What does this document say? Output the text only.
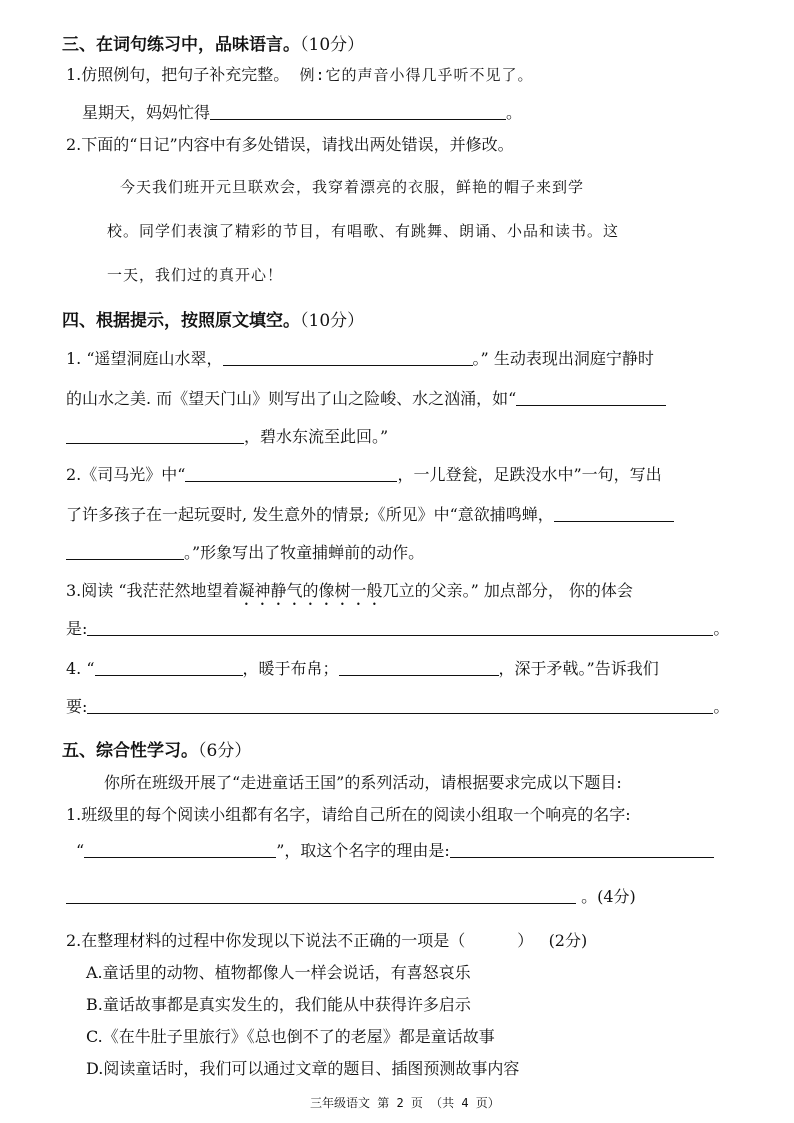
三、在词句练习中，品味语言。（10分）
1.仿照例句，把句子补充完整。 例:它的声音小得几乎听不见了。
星期天，妈妈忙得	。
2.下面的“日记”内容中有多处错误，请找出两处错误，并修改。
今天我们班开元旦联欢会，我穿着漂亮的衣服，鲜艳的帽子来到学
校。同学们表演了精彩的节目，有唱歌、有跳舞、朗诵、小品和读书。这
一天，我们过的真开心！
四、根据提示，按照原文填空。（10分）
1. “遥望洞庭山水翠，	。” 生动表现出洞庭宁静时
的山水之美. 而《望天门山》则写出了山之险峻、水之汹涌，如“
，碧水东流至此回。”
2.《司马光》中“	，一儿登瓮，足跌没水中”一句，写出
了许多孩子在一起玩耍时, 发生意外的情景;《所见》中“意欲捕鸣蝉，
。”形象写出了牧童捕蝉前的动作。
3.阅读 “我茫茫然地望着凝神静气的像树一般兀立的父亲。” 加点部分， 你的体会
是:	。
4. “	，暖于布帛；	，深于矛戟。”告诉我们
要:	。
五、综合性学习。（6分）
你所在班级开展了“走进童话王国”的系列活动，请根据要求完成以下题目:
1.班级里的每个阅读小组都有名字，请给自己所在的阅读小组取一个响亮的名字:
“	”，取这个名字的理由是:
。(4分)
2.在整理材料的过程中你发现以下说法不正确的一项是（	） (2分)
A.童话里的动物、植物都像人一样会说话，有喜怒哀乐
B.童话故事都是真实发生的，我们能从中获得许多启示
C.《在牛肚子里旅行》《总也倒不了的老屋》都是童话故事
D.阅读童话时，我们可以通过文章的题目、插图预测故事内容
三年级语文 第 2 页 （共 4 页）
